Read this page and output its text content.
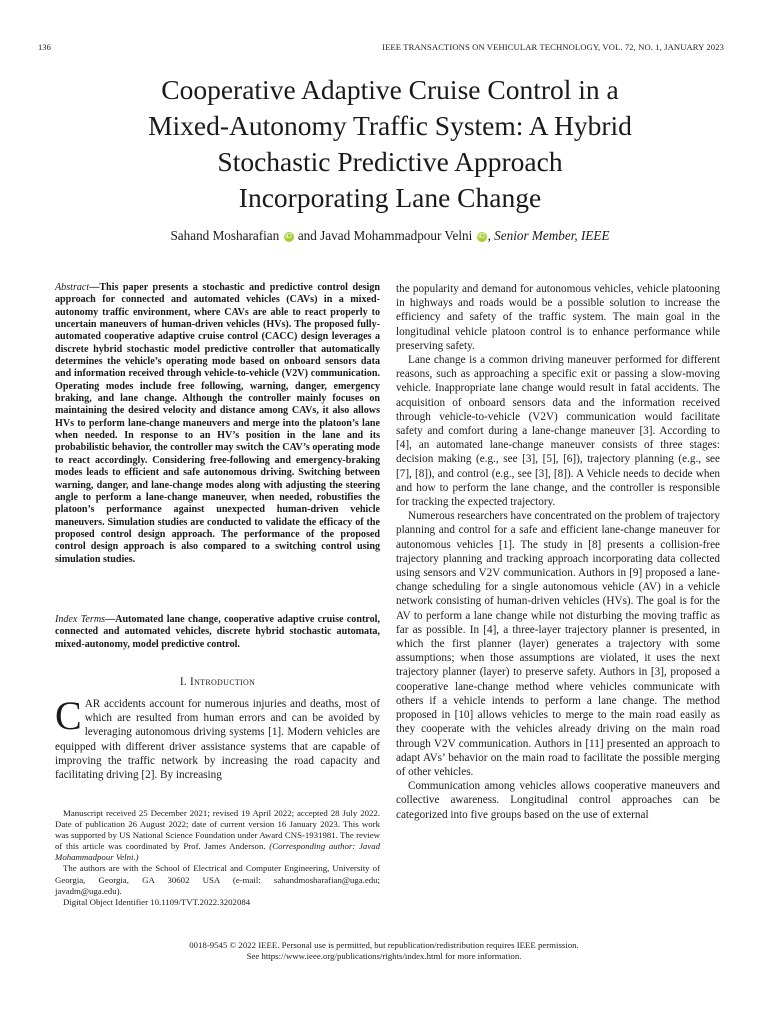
136	IEEE TRANSACTIONS ON VEHICULAR TECHNOLOGY, VOL. 72, NO. 1, JANUARY 2023
Cooperative Adaptive Cruise Control in a
Mixed-Autonomy Traffic System: A Hybrid
Stochastic Predictive Approach
Incorporating Lane Change
Sahand Mosharafian iD and Javad Mohammadpour Velni iD , Senior Member, IEEE
Abstract—This paper presents a stochastic and predictive control design approach for connected and automated vehicles (CAVs) in a mixed-autonomy traffic environment, where CAVs are able to react properly to uncertain maneuvers of human-driven vehicles (HVs). The proposed fully-automated cooperative adaptive cruise control (CACC) design leverages a discrete hybrid stochastic model predictive controller that automatically determines the vehicle’s operating mode based on onboard sensors data and information received through vehicle-to-vehicle (V2V) communication. Operating modes include free following, warning, danger, emergency braking, and lane change. Although the controller mainly focuses on maintaining the desired velocity and distance among CAVs, it also allows HVs to perform lane-change maneuvers and merge into the platoon’s lane when needed. In response to an HV’s position in the lane and its probabilistic behavior, the controller may switch the CAV’s operating mode to react accordingly. Considering free-following and emergency-braking modes leads to efficient and safe autonomous driving. Switching between warning, danger, and lane-change modes along with adjusting the steering angle to perform a lane-change maneuver, when needed, robustifies the platoon’s performance against unexpected human-driven vehicle maneuvers. Simulation studies are conducted to validate the efficacy of the proposed control design approach. The performance of the proposed control design approach is also compared to a switching control using simulation studies.
Index Terms—Automated lane change, cooperative adaptive cruise control, connected and automated vehicles, discrete hybrid stochastic automata, mixed-autonomy, model predictive control.
I. Introduction
CAR accidents account for numerous injuries and deaths, most of which are resulted from human errors and can be avoided by leveraging autonomous driving systems [1]. Modern vehicles are equipped with different driver assistance systems that are capable of improving the traffic network by increasing the road capacity and facilitating driving [2]. By increasing

Manuscript received 25 December 2021; revised 19 April 2022; accepted 28 July 2022. Date of publication 26 August 2022; date of current version 16 January 2023. This work was supported by US National Science Foundation under Award CNS-1931981. The review of this article was coordinated by Prof. James Anderson. (Corresponding author: Javad Mohammadpour Velni.)

The authors are with the School of Electrical and Computer Engineering, University of Georgia, Georgia, GA 30602 USA (e-mail: sahandmosharafian@uga.edu; javadm@uga.edu).

Digital Object Identifier 10.1109/TVT.2022.3202084

the popularity and demand for autonomous vehicles, vehicle platooning in highways and roads would be a possible solution to increase the efficiency and safety of the traffic system. The main goal in the longitudinal vehicle platoon control is to enhance performance while preserving safety.

Lane change is a common driving maneuver performed for different reasons, such as approaching a specific exit or passing a slow-moving vehicle. Inappropriate lane change would result in fatal accidents. The acquisition of onboard sensors data and the information received through vehicle-to-vehicle (V2V) communication would facilitate safety and comfort during a lane-change maneuver [3]. According to [4], an automated lane-change maneuver consists of three stages: decision making (e.g., see [3], [5], [6]), trajectory planning (e.g., see [7], [8]), and control (e.g., see [3], [8]). A Vehicle needs to decide when and how to perform the lane change, and the controller is responsible for tracking the expected trajectory.

Numerous researchers have concentrated on the problem of trajectory planning and control for a safe and efficient lane-change maneuver for autonomous vehicles [1]. The study in [8] presents a collision-free trajectory planning and tracking approach incorporating data collected using sensors and V2V communication. Authors in [9] proposed a lane-change scheduling for a single autonomous vehicle (AV) in a vehicle network consisting of human-driven vehicles (HVs). The goal is for the AV to perform a lane change while not disturbing the moving traffic as far as possible. In [4], a three-layer trajectory planner is presented, in which the first planner (layer) generates a trajectory with some assumptions; when those assumptions are violated, it uses the next trajectory planner (layer) to preserve safety. Authors in [3], proposed a cooperative lane-change method where vehicles communicate with others if a vehicle intends to perform a lane change. The method proposed in [10] allows vehicles to merge to the main road easily as they cooperate with the vehicles already driving on the main road through V2V communication. Authors in [11] presented an approach to adapt AVs’ behavior on the main road to facilitate the possible merging of other vehicles.

Communication among vehicles allows cooperative maneuvers and collective awareness. Longitudinal control approaches can be categorized into five groups based on the use of external

0018-9545 © 2022 IEEE. Personal use is permitted, but republication/redistribution requires IEEE permission.
See https://www.ieee.org/publications/rights/index.html for more information.
